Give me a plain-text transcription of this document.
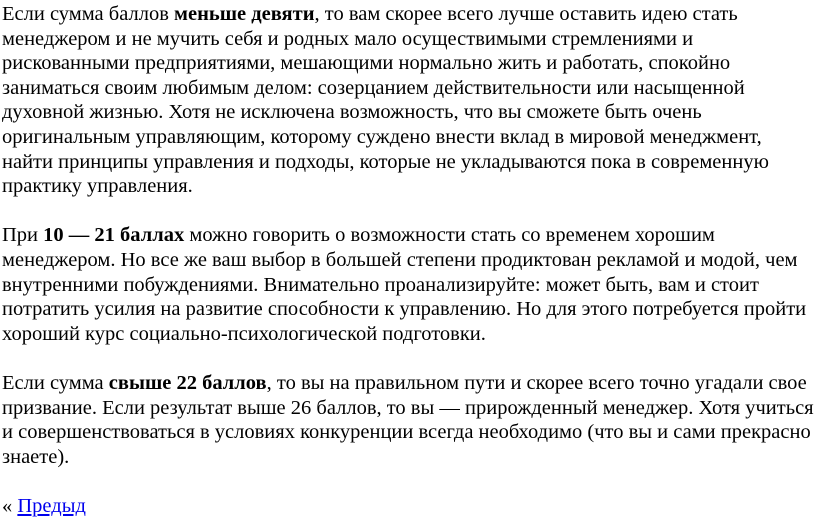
Если сумма баллов меньше девяти, то вам скорее всего лучше оставить идею стать менеджером и не мучить себя и родных мало осуществимыми стремлениями и рискованными предприятиями, мешающими нормально жить и работать, спокойно заниматься своим любимым делом: созерцанием действительности или насыщенной духовной жизнью. Хотя не исключена возможность, что вы сможете быть очень оригинальным управляющим, которому суждено внести вклад в мировой менеджмент, найти принципы управления и подходы, которые не укладываются пока в современную практику управления.

При 10 — 21 баллах можно говорить о возможности стать со временем хорошим менеджером. Но все же ваш выбор в большей степени продиктован рекламой и модой, чем внутренними побуждениями. Внимательно проанализируйте: может быть, вам и стоит потратить усилия на развитие способности к управлению. Но для этого потребуется пройти хороший курс социально-психологической подготовки.

Если сумма свыше 22 баллов, то вы на правильном пути и скорее всего точно угадали свое призвание. Если результат выше 26 баллов, то вы — прирожденный менеджер. Хотя учиться и совершенствоваться в условиях конкуренции всегда необходимо (что вы и сами прекрасно знаете).

« Предыд
